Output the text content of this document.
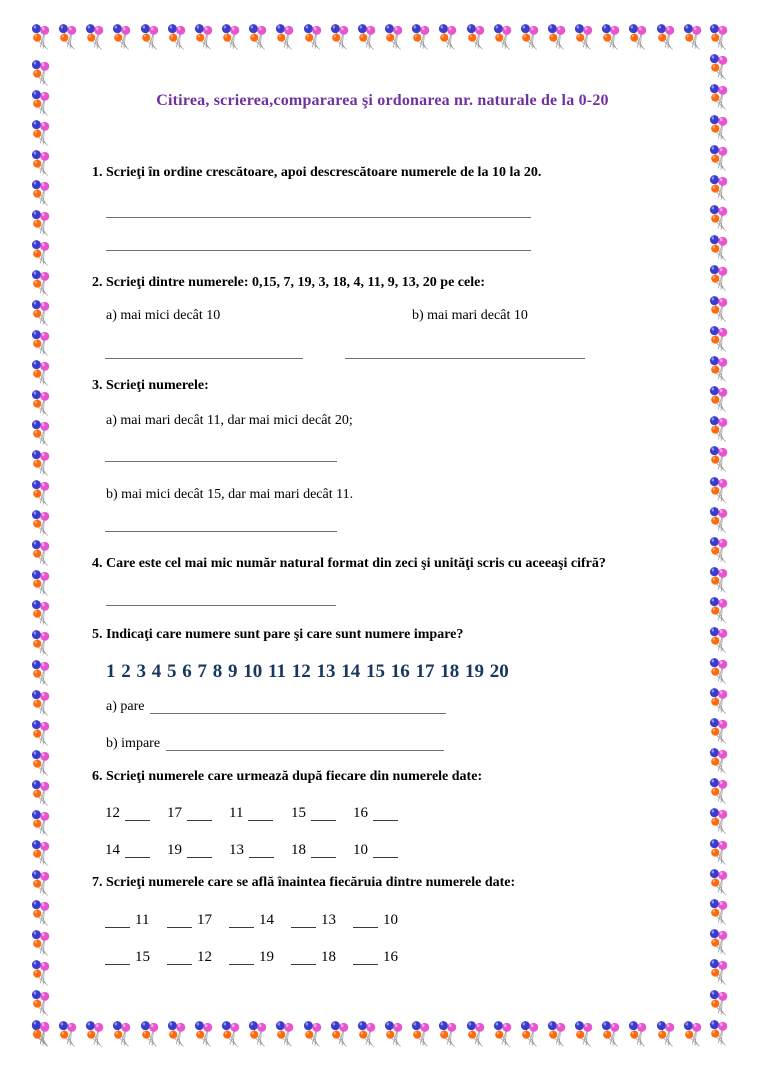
Citirea, scrierea,compararea şi ordonarea nr. naturale de la 0-20
1. Scrieţi în ordine crescătoare, apoi descrescătoare numerele de la 10 la 20.
2. Scrieţi dintre numerele: 0,15, 7, 19, 3, 18, 4, 11, 9, 13, 20 pe cele:
a) mai mici decât 10	b) mai mari decât 10
3. Scrieţi numerele:
a) mai mari decât 11, dar mai mici decât 20;
b) mai mici decât 15, dar mai mari decât 11.
4. Care este cel mai mic număr natural format din zeci şi unităţi scris cu aceeaşi cifră?
5. Indicaţi care numere sunt pare şi care sunt numere impare?
1 2 3 4 5 6 7 8 9 10 11 12 13 14 15 16 17 18 19 20
a) pare
b) impare
6. Scrieţi numerele care urmează după fiecare din numerele date:
12	17	11	15	16
14	19	13	18	10
7. Scrieţi numerele care se află înaintea fiecăruia dintre numerele date:
11	17	14	13	10
15	12	19	18	16
